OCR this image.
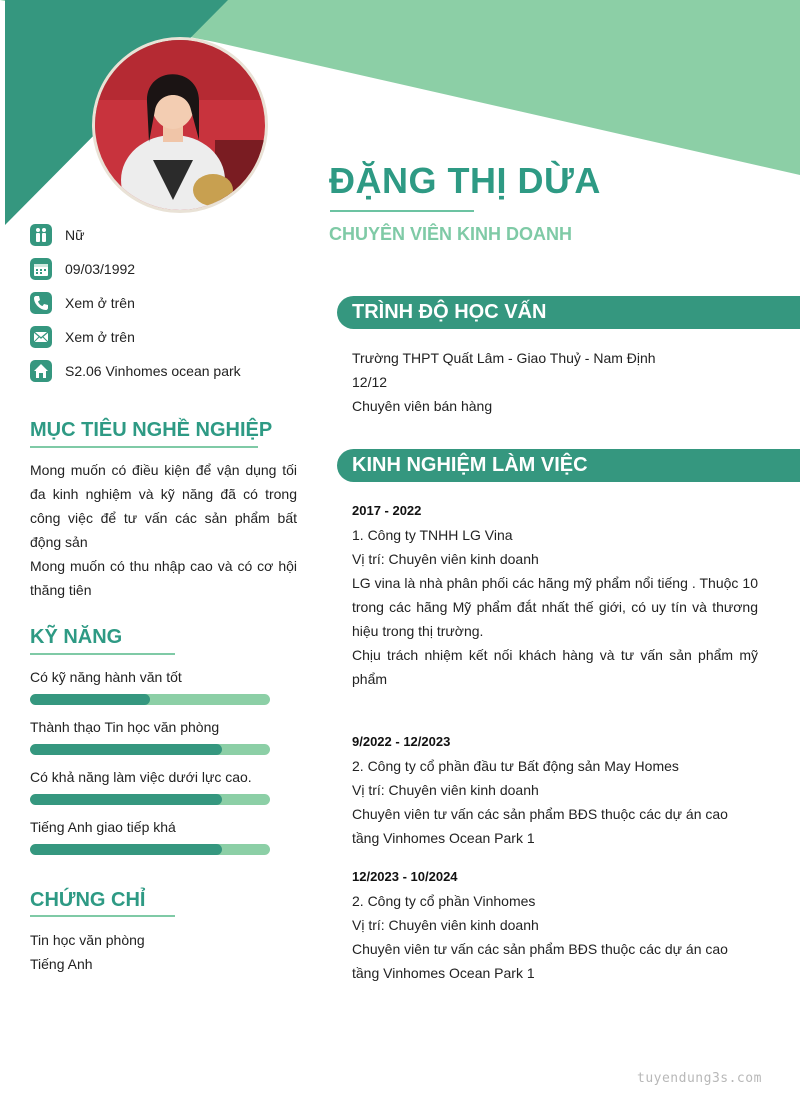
ĐẶNG THỊ DỪA
CHUYÊN VIÊN KINH DOANH
Nữ
09/03/1992
Xem ở trên
Xem ở trên
S2.06 Vinhomes ocean park
MỤC TIÊU NGHỀ NGHIỆP
Mong muốn có điều kiện để vận dụng tối đa kinh nghiệm và kỹ năng đã có trong công việc để tư vấn các sản phẩm bất động sản
Mong muốn có thu nhập cao và có cơ hội thăng tiên
KỸ NĂNG
Có kỹ năng hành văn tốt
Thành thạo Tin học văn phòng
Có khả năng làm việc dưới lực cao.
Tiếng Anh giao tiếp khá
CHỨNG CHỈ
Tin học văn phòng
Tiếng Anh
TRÌNH ĐỘ HỌC VẤN
Trường THPT Quất Lâm - Giao Thuỷ - Nam Định
12/12
Chuyên viên bán hàng
KINH NGHIỆM LÀM VIỆC
2017 - 2022
1. Công ty TNHH LG Vina
Vị trí: Chuyên viên kinh doanh
LG vina là nhà phân phối các hãng mỹ phẩm nổi tiếng . Thuộc 10 trong các hãng Mỹ phẩm đắt nhất thế giới, có uy tín và thương hiệu trong thị trường.
Chịu trách nhiệm kết nối khách hàng và tư vấn sản phẩm mỹ phẩm
9/2022 - 12/2023
2. Công ty cổ phần đầu tư Bất động sản May Homes
Vị trí: Chuyên viên kinh doanh
Chuyên viên tư vấn các sản phẩm BĐS thuộc các dự án cao tầng Vinhomes Ocean Park 1
12/2023 - 10/2024
2. Công ty cổ phần Vinhomes
Vị trí: Chuyên viên kinh doanh
Chuyên viên tư vấn các sản phẩm BĐS thuộc các dự án cao tầng Vinhomes Ocean Park 1
tuyendung3s.com
